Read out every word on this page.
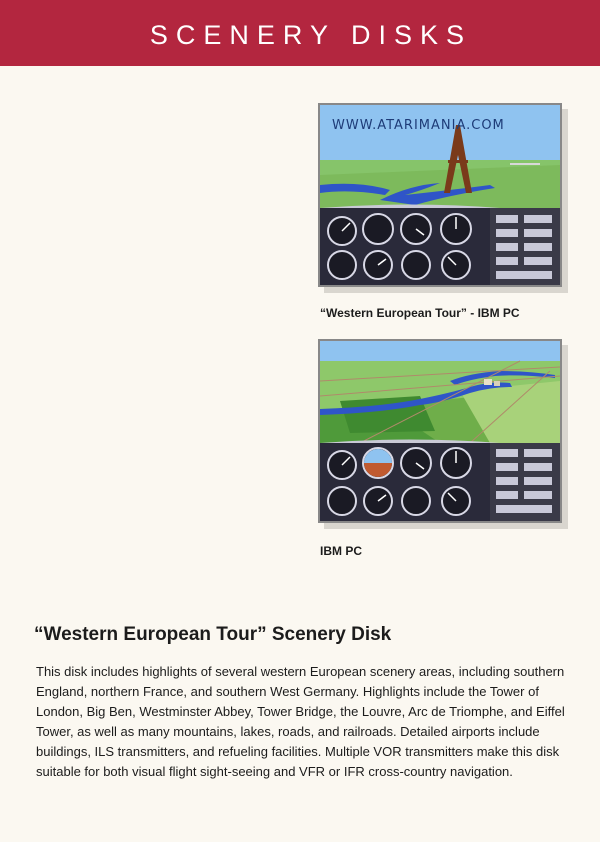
SCENERY DISKS
WWW.ATARIMANIA.COM
“Western European Tour” - IBM PC
IBM PC
“Western European Tour” Scenery Disk

This disk includes highlights of several western European scenery areas, including southern England, northern France, and southern West Germany. Highlights include the Tower of London, Big Ben, Westminster Abbey, Tower Bridge, the Louvre, Arc de Triomphe, and Eiffel Tower, as well as many mountains, lakes, roads, and railroads. Detailed airports include buildings, ILS transmitters, and refueling facilities. Multiple VOR transmitters make this disk suitable for both visual flight sight-seeing and VFR or IFR cross-country navigation.
